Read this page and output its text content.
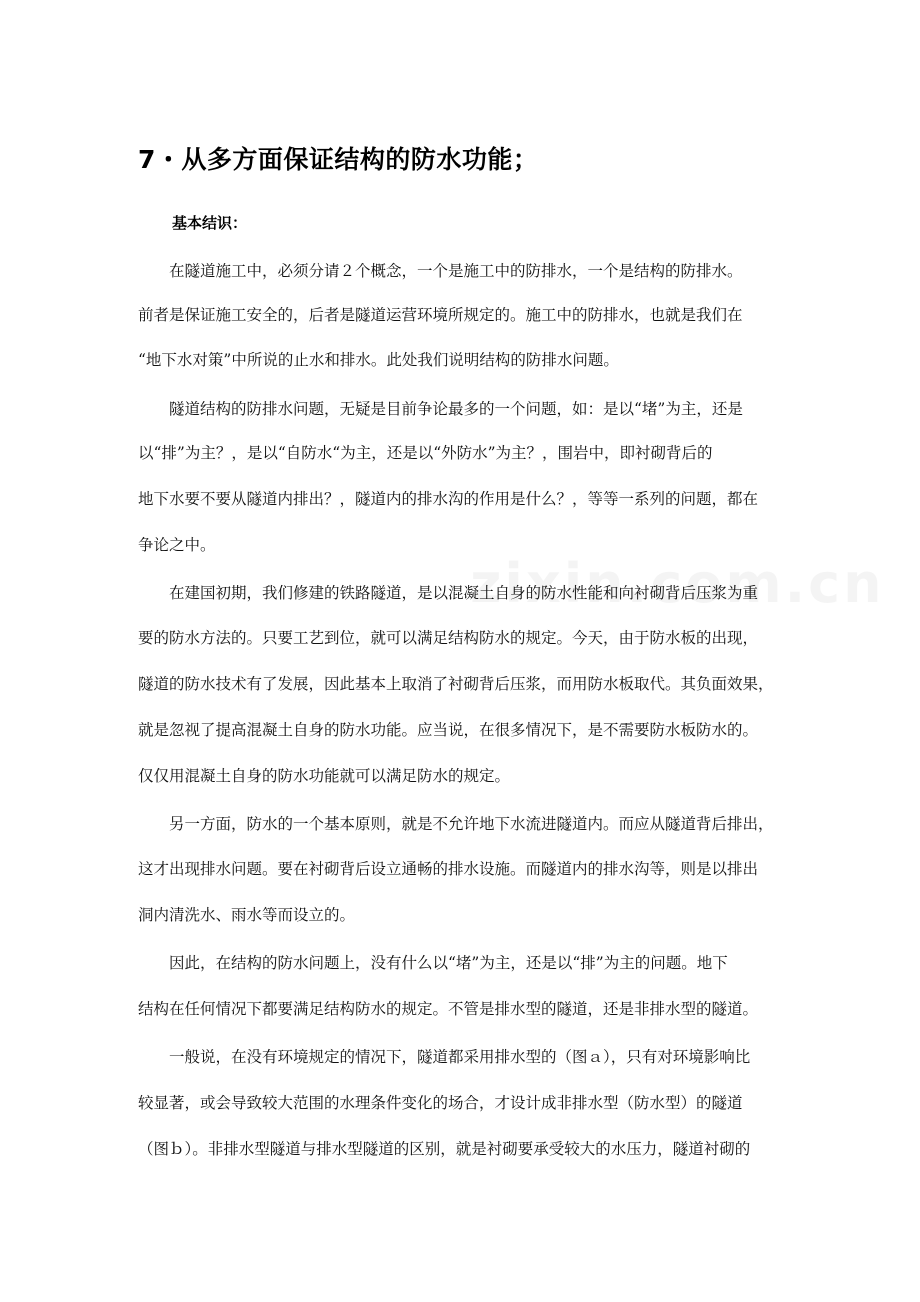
7・从多方面保证结构的防水功能；
基本结识：
　　在隧道施工中，必须分请２个概念，一个是施工中的防排水，一个是结构的防排水。
前者是保证施工安全的，后者是隧道运营环境所规定的。施工中的防排水，也就是我们在
“地下水对策”中所说的止水和排水。此处我们说明结构的防排水问题。
　　隧道结构的防排水问题，无疑是目前争论最多的一个问题，如：是以“堵”为主，还是
以“排”为主？，是以“自防水“为主，还是以“外防水”为主？，围岩中，即衬砌背后的
地下水要不要从隧道内排出？，隧道内的排水沟的作用是什么？，等等一系列的问题，都在
争论之中。
　　在建国初期，我们修建的铁路隧道，是以混凝土自身的防水性能和向衬砌背后压浆为重
要的防水方法的。只要工艺到位，就可以满足结构防水的规定。今天，由于防水板的出现，
隧道的防水技术有了发展，因此基本上取消了衬砌背后压浆，而用防水板取代。其负面效果，
就是忽视了提高混凝土自身的防水功能。应当说，在很多情况下，是不需要防水板防水的。
仅仅用混凝土自身的防水功能就可以满足防水的规定。
　　另一方面，防水的一个基本原则，就是不允许地下水流进隧道内。而应从隧道背后排出，
这才出现排水问题。要在衬砌背后设立通畅的排水设施。而隧道内的排水沟等，则是以排出
洞内清洗水、雨水等而设立的。
　　因此，在结构的防水问题上，没有什么以“堵”为主，还是以“排”为主的问题。地下
结构在任何情况下都要满足结构防水的规定。不管是排水型的隧道，还是非排水型的隧道。
　　一般说，在没有环境规定的情况下，隧道都采用排水型的（图ａ），只有对环境影响比
较显著，或会导致较大范围的水理条件变化的场合，才设计成非排水型（防水型）的隧道
（图ｂ）。非排水型隧道与排水型隧道的区别，就是衬砌要承受较大的水压力，隧道衬砌的
